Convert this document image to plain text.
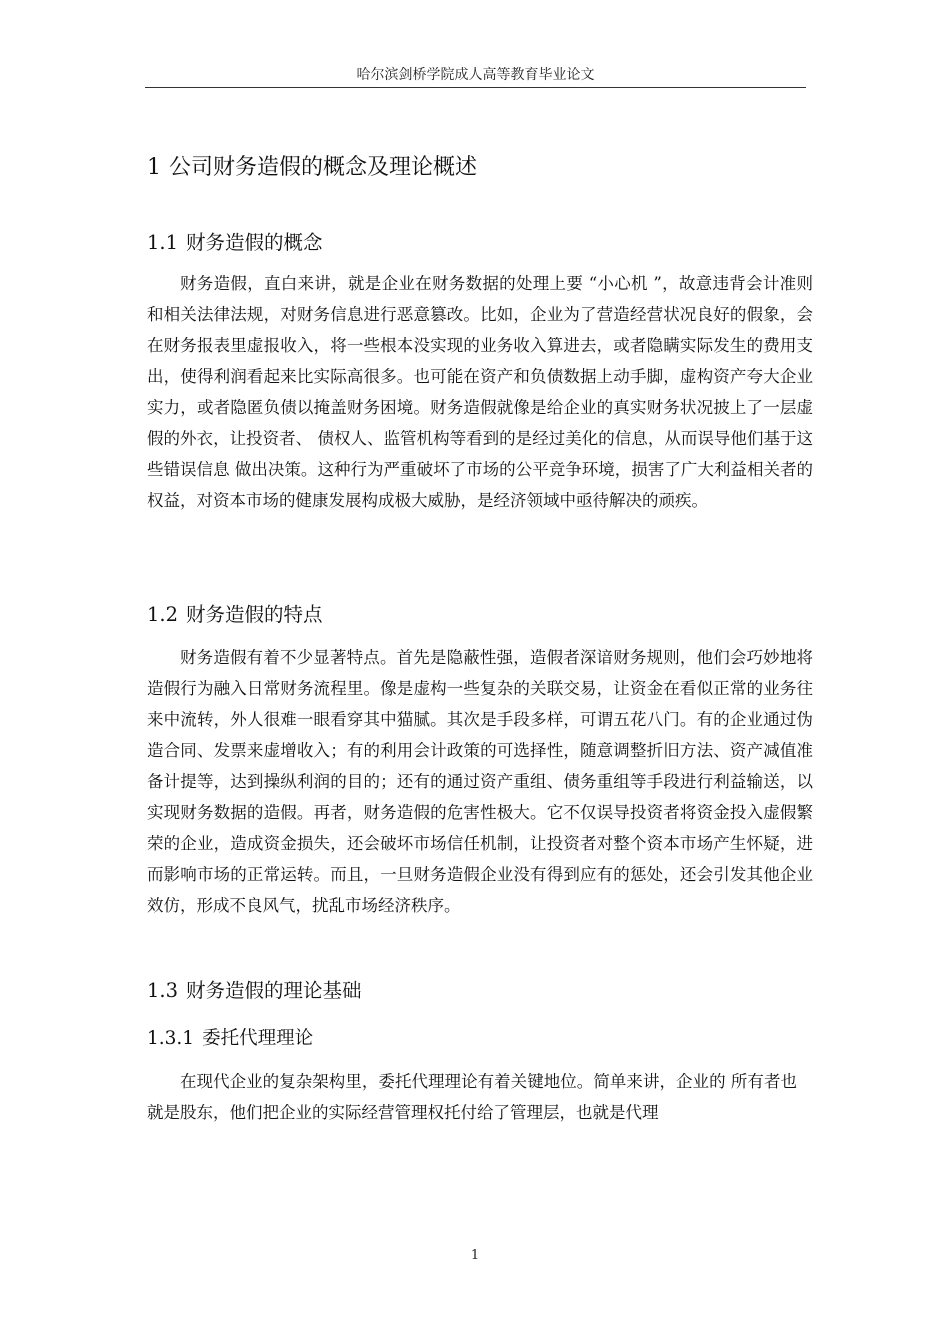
哈尔滨剑桥学院成人高等教育毕业论文
1 公司财务造假的概念及理论概述
1.1 财务造假的概念

财务造假，直白来讲，就是企业在财务数据的处理上要 “小心机 ”，故意违背会计准则和相关法律法规，对财务信息进行恶意篡改。比如，企业为了营造经营状况良好的假象，会在财务报表里虚报收入，将一些根本没实现的业务收入算进去，或者隐瞒实际发生的费用支出，使得利润看起来比实际高很多。也可能在资产和负债数据上动手脚，虚构资产夸大企业实力，或者隐匿负债以掩盖财务困境。财务造假就像是给企业的真实财务状况披上了一层虚假的外衣，让投资者、 债权人、监管机构等看到的是经过美化的信息，从而误导他们基于这些错误信息 做出决策。这种行为严重破坏了市场的公平竞争环境，损害了广大利益相关者的 权益，对资本市场的健康发展构成极大威胁，是经济领域中亟待解决的顽疾。

1.2 财务造假的特点

财务造假有着不少显著特点。首先是隐蔽性强，造假者深谙财务规则，他们会巧妙地将造假行为融入日常财务流程里。像是虚构一些复杂的关联交易，让资金在看似正常的业务往来中流转，外人很难一眼看穿其中猫腻。其次是手段多样，可谓五花八门。有的企业通过伪造合同、发票来虚增收入；有的利用会计政策的可选择性，随意调整折旧方法、资产减值准备计提等，达到操纵利润的目的；还有的通过资产重组、债务重组等手段进行利益输送，以实现财务数据的造假。再者，财务造假的危害性极大。它不仅误导投资者将资金投入虚假繁荣的企业，造成资金损失，还会破坏市场信任机制，让投资者对整个资本市场产生怀疑，进而影响市场的正常运转。而且，一旦财务造假企业没有得到应有的惩处，还会引发其他企业效仿，形成不良风气，扰乱市场经济秩序。

1.3 财务造假的理论基础
1.3.1 委托代理理论

在现代企业的复杂架构里，委托代理理论有着关键地位。简单来讲，企业的 所有者也就是股东，他们把企业的实际经营管理权托付给了管理层，也就是代理

1
